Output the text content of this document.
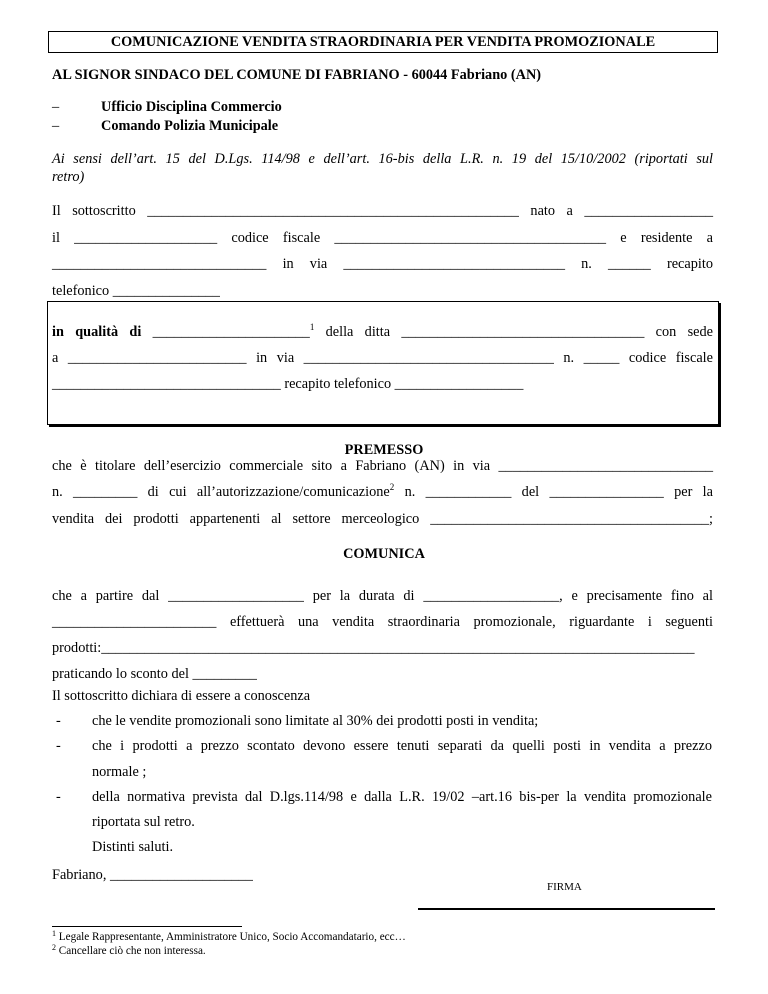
COMUNICAZIONE VENDITA STRAORDINARIA PER VENDITA PROMOZIONALE
AL SIGNOR SINDACO DEL COMUNE DI FABRIANO - 60044 Fabriano (AN)
–	Ufficio Disciplina Commercio
–	Comando Polizia Municipale
Ai sensi dell’art. 15 del D.Lgs. 114/98 e dell’art. 16-bis della L.R. n. 19 del 15/10/2002 (riportati sul
retro)
Il sottoscritto ____________________________________________________ nato a __________________
il ____________________ codice fiscale ______________________________________ e residente a
______________________________ in via _______________________________ n. ______ recapito
telefonico _______________
in qualità di ______________________$^1$ della ditta __________________________________ con sede
a _________________________ in via ___________________________________ n. _____ codice fiscale
________________________________ recapito telefonico __________________
PREMESSO
che è titolare dell’esercizio commerciale sito a Fabriano (AN) in via ______________________________
n. _________ di cui all’autorizzazione/comunicazione$^2$ n. ____________ del ________________ per la
vendita dei prodotti appartenenti al settore merceologico _______________________________________;
COMUNICA
che a partire dal ___________________ per la durata di ___________________, e precisamente fino al
_______________________ effettuerà una vendita straordinaria promozionale, riguardante i seguenti
prodotti:___________________________________________________________________________________
praticando lo sconto del _________
Il sottoscritto dichiara di essere a conoscenza
- che le vendite promozionali sono limitate al 30% dei prodotti posti in vendita;
- che i prodotti a prezzo scontato devono essere tenuti separati da quelli posti in vendita a prezzo
normale ;
- della normativa prevista dal D.lgs.114/98 e dalla L.R. 19/02 –art.16 bis-per la vendita promozionale
riportata sul retro.
Distinti saluti.
Fabriano, ____________________
FIRMA
$^1$ Legale Rappresentante, Amministratore Unico, Socio Accomandatario, ecc…
$^2$ Cancellare ciò che non interessa.
